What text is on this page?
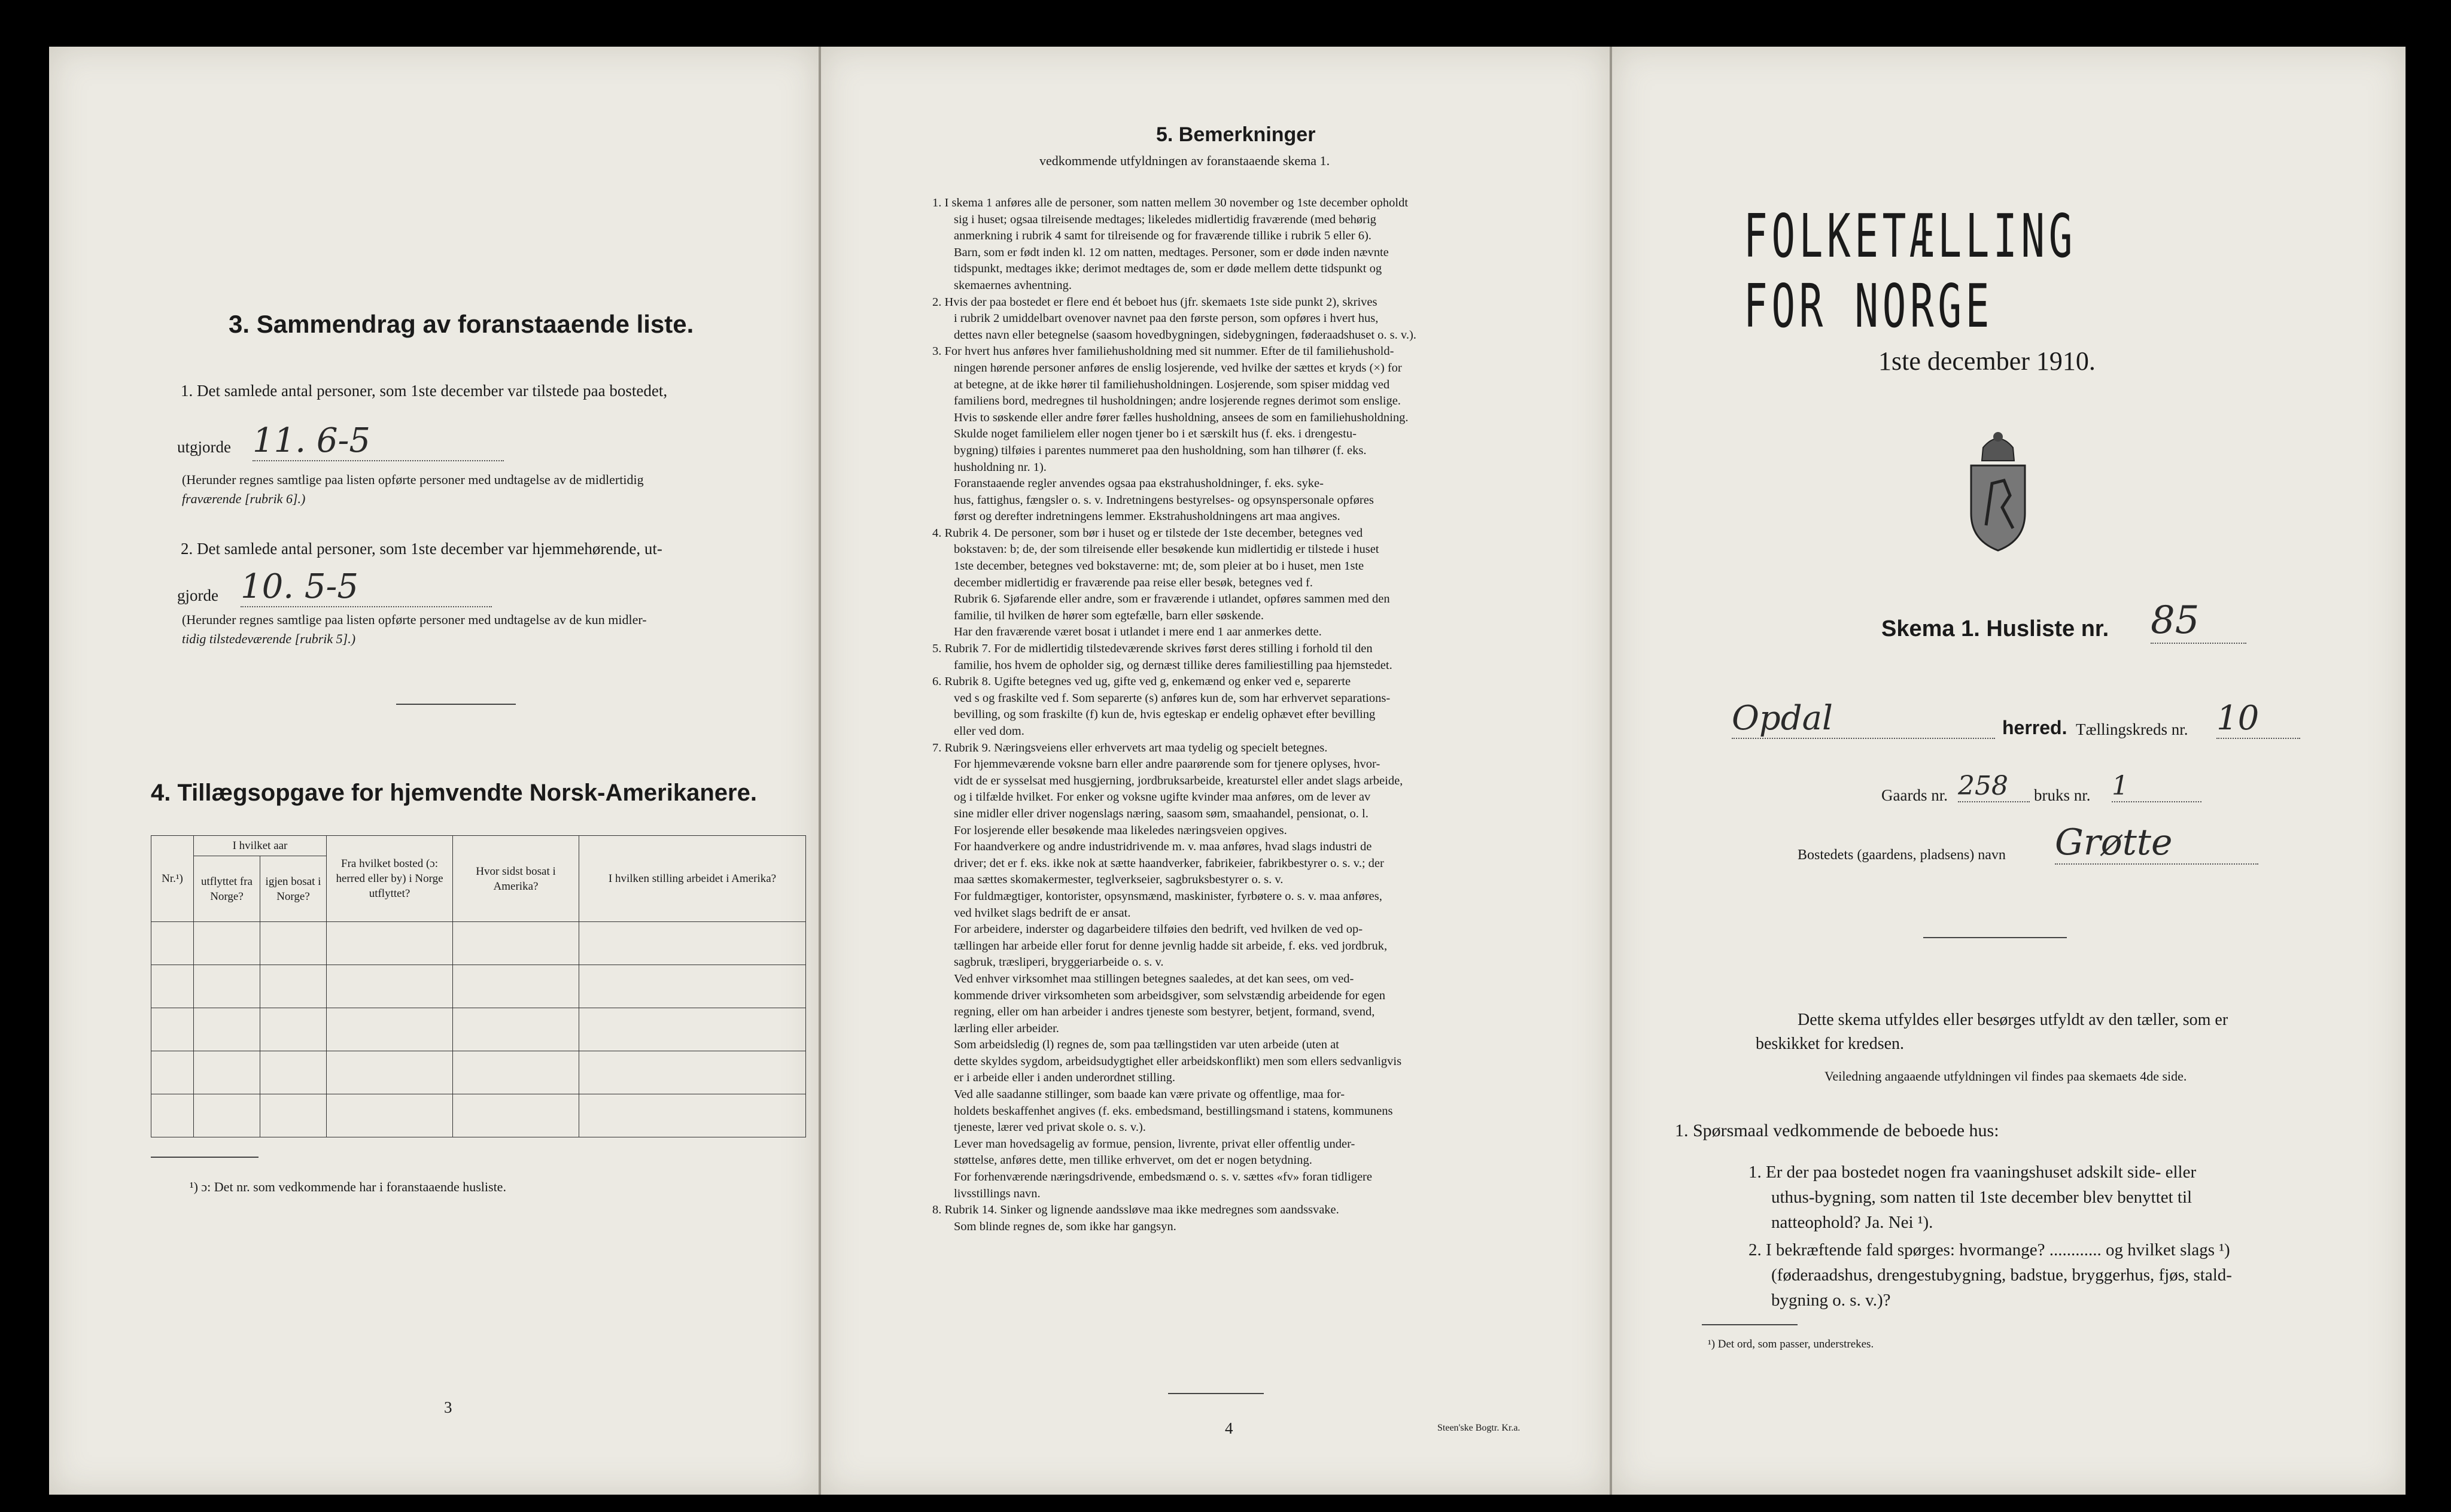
3. Sammendrag av foranstaaende liste.
1. Det samlede antal personer, som 1ste december var tilstede paa bostedet,
utgjorde 11. 6-5
(Herunder regnes samtlige paa listen opførte personer med undtagelse av de midlertidig
fraværende [rubrik 6].)
2. Det samlede antal personer, som 1ste december var hjemmehørende, ut-
gjorde 10. 5-5
(Herunder regnes samtlige paa listen opførte personer med undtagelse av de kun midler-
tidig tilstedeværende [rubrik 5].)
4. Tillægsopgave for hjemvendte Norsk-Amerikanere.
Nr.¹)	I hvilket aar		Fra hvilket bosted (ɔ: herred eller by) i Norge utflyttet?	Hvor sidst bosat i Amerika?	I hvilken stilling arbeidet i Amerika?
	utflyttet fra Norge?	igjen bosat i Norge?			

¹) ɔ: Det nr. som vedkommende har i foranstaaende husliste.
3
5. Bemerkninger
vedkommende utfyldningen av foranstaaende skema 1.

1. I skema 1 anføres alle de personer, som natten mellem 30 november og 1ste december opholdt

sig i huset; ogsaa tilreisende medtages; likeledes midlertidig fraværende (med behørig

anmerkning i rubrik 4 samt for tilreisende og for fraværende tillike i rubrik 5 eller 6).

Barn, som er født inden kl. 12 om natten, medtages. Personer, som er døde inden nævnte

tidspunkt, medtages ikke; derimot medtages de, som er døde mellem dette tidspunkt og

skemaernes avhentning.

2. Hvis der paa bostedet er flere end ét beboet hus (jfr. skemaets 1ste side punkt 2), skrives

i rubrik 2 umiddelbart ovenover navnet paa den første person, som opføres i hvert hus,

dettes navn eller betegnelse (saasom hovedbygningen, sidebygningen, føderaadshuset o. s. v.).

3. For hvert hus anføres hver familiehusholdning med sit nummer. Efter de til familiehushold-

ningen hørende personer anføres de enslig losjerende, ved hvilke der sættes et kryds (×) for

at betegne, at de ikke hører til familiehusholdningen. Losjerende, som spiser middag ved

familiens bord, medregnes til husholdningen; andre losjerende regnes derimot som enslige.

Hvis to søskende eller andre fører fælles husholdning, ansees de som en familiehusholdning.

Skulde noget familielem eller nogen tjener bo i et særskilt hus (f. eks. i drengestu-

bygning) tilføies i parentes nummeret paa den husholdning, som han tilhører (f. eks.

husholdning nr. 1).

Foranstaaende regler anvendes ogsaa paa ekstrahusholdninger, f. eks. syke-

hus, fattighus, fængsler o. s. v. Indretningens bestyrelses- og opsynspersonale opføres

først og derefter indretningens lemmer. Ekstrahusholdningens art maa angives.

4. Rubrik 4. De personer, som bør i huset og er tilstede der 1ste december, betegnes ved

bokstaven: b; de, der som tilreisende eller besøkende kun midlertidig er tilstede i huset

1ste december, betegnes ved bokstaverne: mt; de, som pleier at bo i huset, men 1ste

december midlertidig er fraværende paa reise eller besøk, betegnes ved f.

Rubrik 6. Sjøfarende eller andre, som er fraværende i utlandet, opføres sammen med den

familie, til hvilken de hører som egtefælle, barn eller søskende.

Har den fraværende været bosat i utlandet i mere end 1 aar anmerkes dette.

5. Rubrik 7. For de midlertidig tilstedeværende skrives først deres stilling i forhold til den

familie, hos hvem de opholder sig, og dernæst tillike deres familiestilling paa hjemstedet.

6. Rubrik 8. Ugifte betegnes ved ug, gifte ved g, enkemænd og enker ved e, separerte

ved s og fraskilte ved f. Som separerte (s) anføres kun de, som har erhvervet separations-

bevilling, og som fraskilte (f) kun de, hvis egteskap er endelig ophævet efter bevilling

eller ved dom.

7. Rubrik 9. Næringsveiens eller erhvervets art maa tydelig og specielt betegnes.

For hjemmeværende voksne barn eller andre paarørende som for tjenere oplyses, hvor-

vidt de er sysselsat med husgjerning, jordbruksarbeide, kreaturstel eller andet slags arbeide,

og i tilfælde hvilket. For enker og voksne ugifte kvinder maa anføres, om de lever av

sine midler eller driver nogenslags næring, saasom søm, smaahandel, pensionat, o. l.

For losjerende eller besøkende maa likeledes næringsveien opgives.

For haandverkere og andre industridrivende m. v. maa anføres, hvad slags industri de

driver; det er f. eks. ikke nok at sætte haandverker, fabrikeier, fabrikbestyrer o. s. v.; der

maa sættes skomakermester, teglverkseier, sagbruksbestyrer o. s. v.

For fuldmægtiger, kontorister, opsynsmænd, maskinister, fyrbøtere o. s. v. maa anføres,

ved hvilket slags bedrift de er ansat.

For arbeidere, inderster og dagarbeidere tilføies den bedrift, ved hvilken de ved op-

tællingen har arbeide eller forut for denne jevnlig hadde sit arbeide, f. eks. ved jordbruk,

sagbruk, træsliperi, bryggeriarbeide o. s. v.

Ved enhver virksomhet maa stillingen betegnes saaledes, at det kan sees, om ved-

kommende driver virksomheten som arbeidsgiver, som selvstændig arbeidende for egen

regning, eller om han arbeider i andres tjeneste som bestyrer, betjent, formand, svend,

lærling eller arbeider.

Som arbeidsledig (l) regnes de, som paa tællingstiden var uten arbeide (uten at

dette skyldes sygdom, arbeidsudygtighet eller arbeidskonflikt) men som ellers sedvanligvis

er i arbeide eller i anden underordnet stilling.

Ved alle saadanne stillinger, som baade kan være private og offentlige, maa for-

holdets beskaffenhet angives (f. eks. embedsmand, bestillingsmand i statens, kommunens

tjeneste, lærer ved privat skole o. s. v.).

Lever man hovedsagelig av formue, pension, livrente, privat eller offentlig under-

støttelse, anføres dette, men tillike erhvervet, om det er nogen betydning.

For forhenværende næringsdrivende, embedsmænd o. s. v. sættes «fv» foran tidligere

livsstillings navn.

8. Rubrik 14. Sinker og lignende aandssløve maa ikke medregnes som aandssvake.

Som blinde regnes de, som ikke har gangsyn.

4	Steen'ske Bogtr. Kr.a.
FOLKETÆLLING FOR NORGE
1ste december 1910.
Skema 1. Husliste nr. 85
Opdal	herred. Tællingskreds nr. 10
Gaards nr. 258	bruks nr. 1
Bostedets (gaardens, pladsens) navn Grøtte
Dette skema utfyldes eller besørges utfyldt av den tæller, som er
beskikket for kredsen.
Veiledning angaaende utfyldningen vil findes paa skemaets 4de side.
1. Spørsmaal vedkommende de beboede hus:
1. Er der paa bostedet nogen fra vaaningshuset adskilt side- eller
uthus-bygning, som natten til 1ste december blev benyttet til
natteophold? Ja. Nei ¹).
2. I bekræftende fald spørges: hvormange? ............ og hvilket slags ¹)
(føderaadshus, drengestubygning, badstue, bryggerhus, fjøs, stald-
bygning o. s. v.)?
¹) Det ord, som passer, understrekes.
